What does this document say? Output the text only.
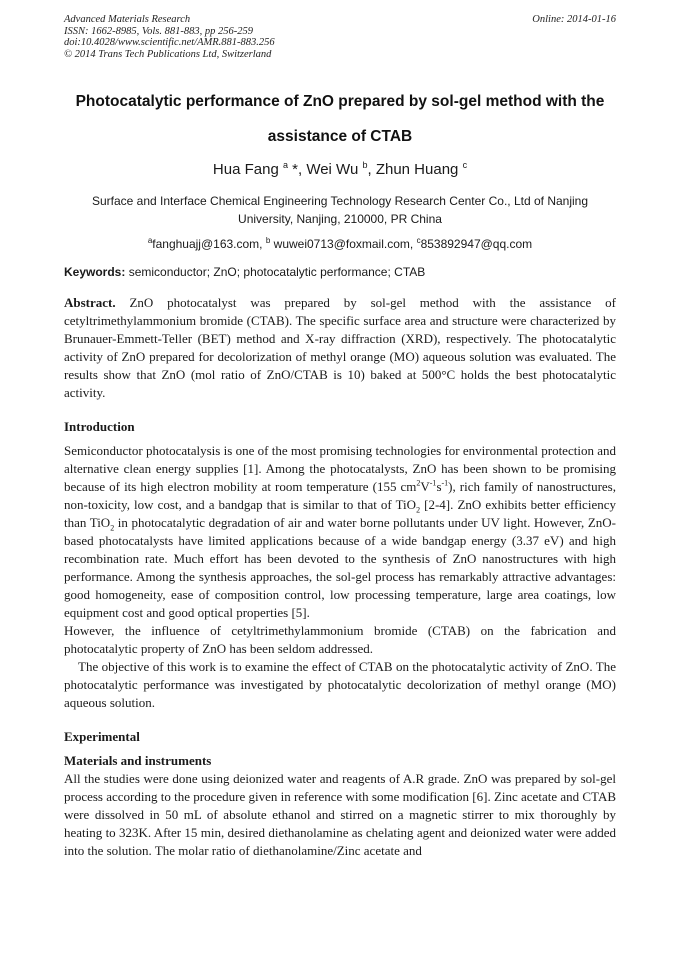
Advanced Materials Research
ISSN: 1662-8985, Vols. 881-883, pp 256-259
doi:10.4028/www.scientific.net/AMR.881-883.256
© 2014 Trans Tech Publications Ltd, Switzerland
Online: 2014-01-16
Photocatalytic performance of ZnO prepared by sol-gel method with the
assistance of CTAB
Hua Fang $^a$ *, Wei Wu $^b$, Zhun Huang $^c$
Surface and Interface Chemical Engineering Technology Research Center Co., Ltd of Nanjing
University, Nanjing, 210000, PR China
$^a$fanghuajj@163.com, $^b$ wuwei0713@foxmail.com, $^c$853892947@qq.com
Keywords: semiconductor; ZnO; photocatalytic performance; CTAB
Abstract. ZnO photocatalyst was prepared by sol-gel method with the assistance of cetyltrimethylammonium bromide (CTAB). The specific surface area and structure were characterized by Brunauer-Emmett-Teller (BET) method and X-ray diffraction (XRD), respectively. The photocatalytic activity of ZnO prepared for decolorization of methyl orange (MO) aqueous solution was evaluated. The results show that ZnO (mol ratio of ZnO/CTAB is 10) baked at 500°C holds the best photocatalytic activity.
Introduction

Semiconductor photocatalysis is one of the most promising technologies for environmental protection and alternative clean energy supplies [1]. Among the photocatalysts, ZnO has been shown to be promising because of its high electron mobility at room temperature (155 $cm^2V^{-1}s^{-1}$), rich family of nanostructures, non-toxicity, low cost, and a bandgap that is similar to that of TiO$_2$ [2-4]. ZnO exhibits better efficiency than TiO$_2$ in photocatalytic degradation of air and water borne pollutants under UV light. However, ZnO-based photocatalysts have limited applications because of a wide bandgap energy (3.37 eV) and high recombination rate. Much effort has been devoted to the synthesis of ZnO nanostructures with high performance. Among the synthesis approaches, the sol-gel process has remarkably attractive advantages: good homogeneity, ease of composition control, low processing temperature, large area coatings, low equipment cost and good optical properties [5].

However, the influence of cetyltrimethylammonium bromide (CTAB) on the fabrication and photocatalytic property of ZnO has been seldom addressed.

The objective of this work is to examine the effect of CTAB on the photocatalytic activity of ZnO. The photocatalytic performance was investigated by photocatalytic decolorization of methyl orange (MO) aqueous solution.

Experimental
Materials and instruments

All the studies were done using deionized water and reagents of A.R grade. ZnO was prepared by sol-gel process according to the procedure given in reference with some modification [6]. Zinc acetate and CTAB were dissolved in 50 mL of absolute ethanol and stirred on a magnetic stirrer to mix thoroughly by heating to 323K. After 15 min, desired diethanolamine as chelating agent and deionized water were added into the solution. The molar ratio of diethanolamine/Zinc acetate and
